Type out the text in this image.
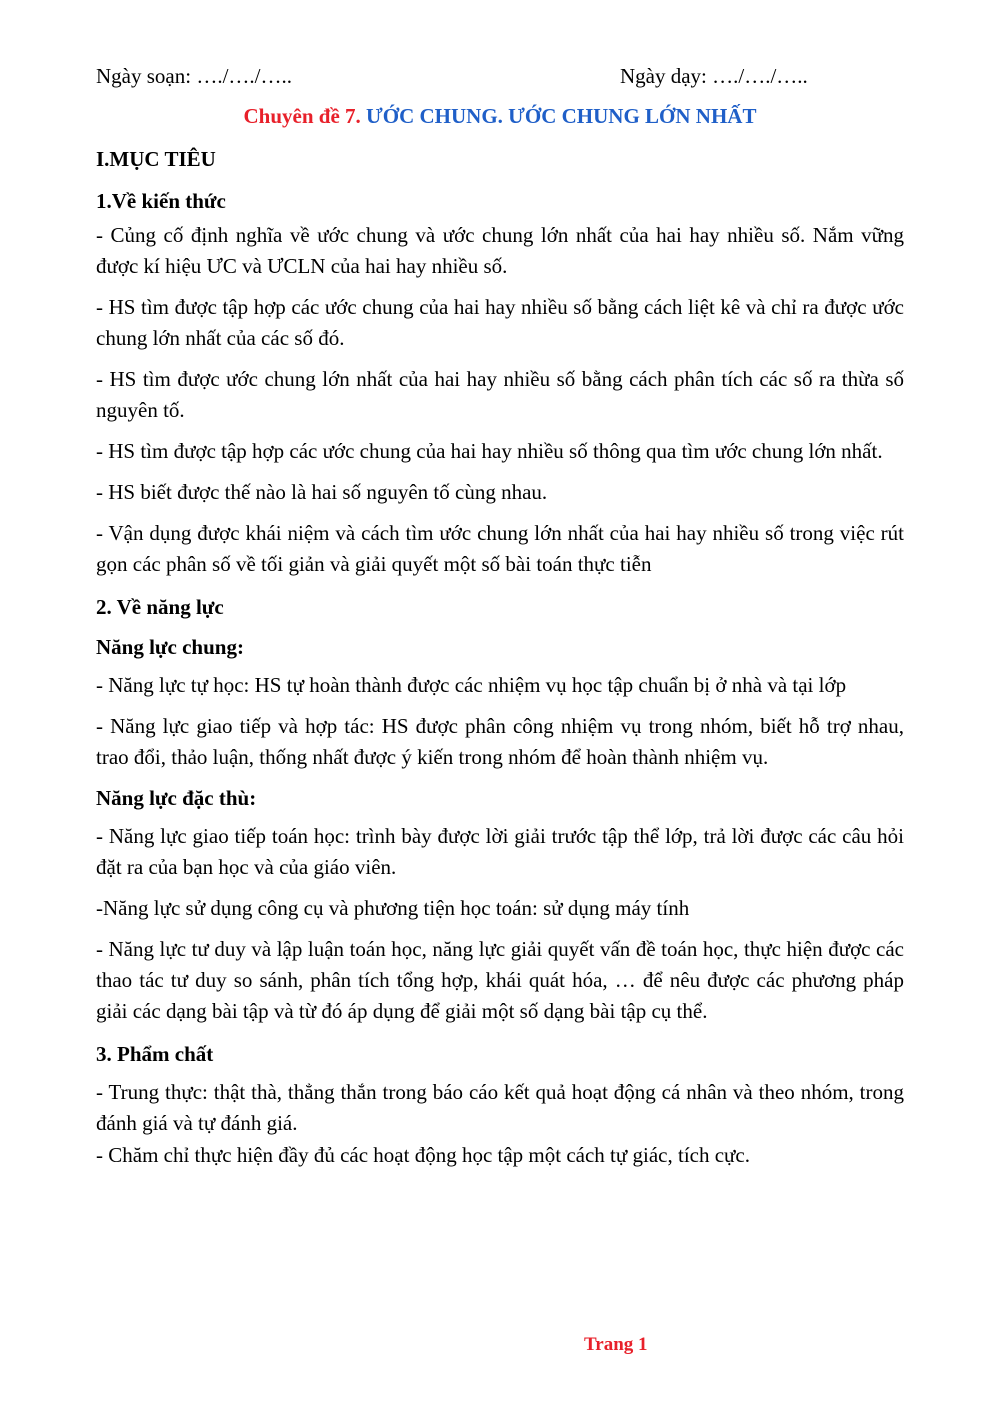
Ngày soạn: …./…./…..	Ngày dạy: …./…./…..
Chuyên đề 7. ƯỚC CHUNG. ƯỚC CHUNG LỚN NHẤT
I.MỤC TIÊU
1.Về kiến thức

- Củng cố định nghĩa về ước chung và ước chung lớn nhất của hai hay nhiều số. Nắm vững được kí hiệu ƯC và ƯCLN của hai hay nhiều số.

- HS tìm được tập hợp các ước chung của hai hay nhiều số bằng cách liệt kê và chỉ ra được ước chung lớn nhất của các số đó.

- HS tìm được ước chung lớn nhất của hai hay nhiều số bằng cách phân tích các số ra thừa số nguyên tố.

- HS tìm được tập hợp các ước chung của hai hay nhiều số thông qua tìm ước chung lớn nhất.

- HS biết được thế nào là hai số nguyên tố cùng nhau.

- Vận dụng được khái niệm và cách tìm ước chung lớn nhất của hai hay nhiều số trong việc rút gọn các phân số về tối giản và giải quyết một số bài toán thực tiễn

2. Về năng lực
Năng lực chung:

- Năng lực tự học: HS tự hoàn thành được các nhiệm vụ học tập chuẩn bị ở nhà và tại lớp

- Năng lực giao tiếp và hợp tác: HS được phân công nhiệm vụ trong nhóm, biết hỗ trợ nhau, trao đổi, thảo luận, thống nhất được ý kiến trong nhóm để hoàn thành nhiệm vụ.

Năng lực đặc thù:

- Năng lực giao tiếp toán học: trình bày được lời giải trước tập thể lớp, trả lời được các câu hỏi đặt ra của bạn học và của giáo viên.

-Năng lực sử dụng công cụ và phương tiện học toán: sử dụng máy tính

- Năng lực tư duy và lập luận toán học, năng lực giải quyết vấn đề toán học, thực hiện được các thao tác tư duy so sánh, phân tích tổng hợp, khái quát hóa, … để nêu được các phương pháp giải các dạng bài tập và từ đó áp dụng để giải một số dạng bài tập cụ thể.

3. Phẩm chất

- Trung thực: thật thà, thẳng thắn trong báo cáo kết quả hoạt động cá nhân và theo nhóm, trong đánh giá và tự đánh giá.

- Chăm chỉ thực hiện đầy đủ các hoạt động học tập một cách tự giác, tích cực.

Trang 1
